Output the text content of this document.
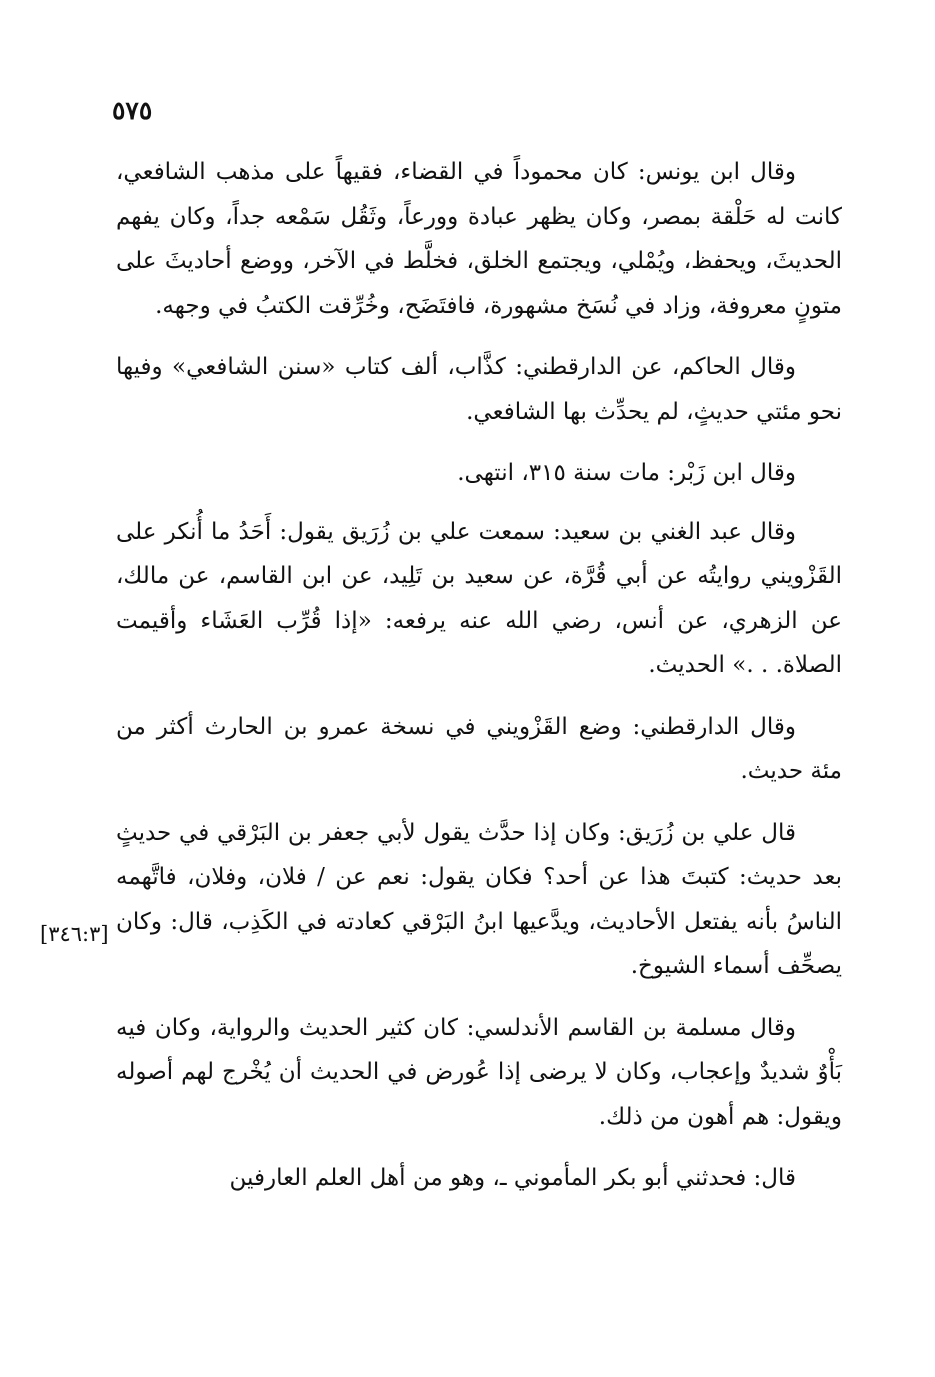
٥٧٥
[٣٤٦:٣]

وقال ابن يونس: كان محموداً في القضاء، فقيهاً على مذهب الشافعي، كانت له حَلْقة بمصر، وكان يظهر عبادة وورعاً، وثَقُل سَمْعه جداً، وكان يفهم الحديثَ، ويحفظ، ويُمْلي، ويجتمع الخلق، فخلَّط في الآخر، ووضع أحاديثَ على متونٍ معروفة، وزاد في نُسَخ مشهورة، فافتَضَح، وخُرِّقت الكتبُ في وجهه.

وقال الحاكم، عن الدارقطني: كذَّاب، ألف كتاب «سنن الشافعي» وفيها نحو مئتي حديثٍ، لم يحدِّث بها الشافعي.

وقال ابن زَبْر: مات سنة ٣١٥، انتهى.

وقال عبد الغني بن سعيد: سمعت علي بن زُرَيق يقول: أَحَدُ ما أُنكر على القَزْويني روايتُه عن أبي قُرَّة، عن سعيد بن تَلِيد، عن ابن القاسم، عن مالك، عن الزهري، عن أنس، رضي الله عنه يرفعه: «إذا قُرِّب العَشَاء وأقيمت الصلاة. . .» الحديث.

وقال الدارقطني: وضع القَزْويني في نسخة عمرو بن الحارث أكثر من مئة حديث.

قال علي بن زُرَيق: وكان إذا حدَّث يقول لأبي جعفر بن البَرْقي في حديثٍ بعد حديث: كتبتَ هذا عن أحد؟ فكان يقول: نعم عن / فلان، وفلان، فاتَّهمه الناسُ بأنه يفتعل الأحاديث، ويدَّعيها ابنُ البَرْقي كعادته في الكَذِب، قال: وكان يصحِّف أسماء الشيوخ.

وقال مسلمة بن القاسم الأندلسي: كان كثير الحديث والرواية، وكان فيه بَأْوٌ شديدٌ وإعجاب، وكان لا يرضى إذا عُورض في الحديث أن يُخْرج لهم أصوله ويقول: هم أهون من ذلك.

قال: فحدثني أبو بكر المأموني ـ، وهو من أهل العلم العارفين
